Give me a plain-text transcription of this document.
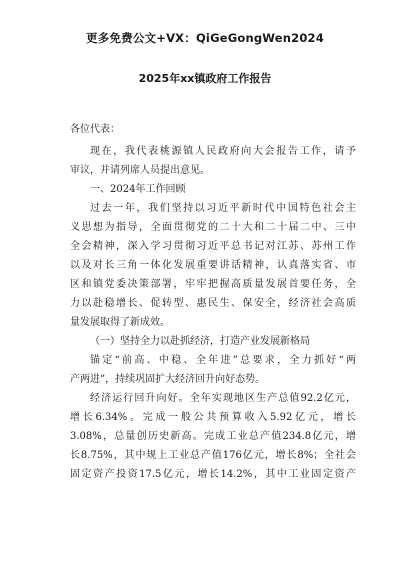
更多免费公文+VX：QiGeGongWen2024
2025年xx镇政府工作报告
各位代表：
现在，我代表桃源镇人民政府向大会报告工作，请予
审议，并请列席人员提出意见。
一、2024年工作回顾
过去一年，我们坚持以习近平新时代中国特色社会主
义思想为指导，全面贯彻党的二十大和二十届二中、三中
全会精神，深入学习贯彻习近平总书记对江苏、苏州工作
以及对长三角一体化发展重要讲话精神，认真落实省、市
区和镇党委决策部署，牢牢把握高质量发展首要任务，全
力以赴稳增长、促转型、惠民生、保安全，经济社会高质
量发展取得了新成效。
（一）坚持全力以赴抓经济，打造产业发展新格局
锚定“前高、中稳、全年进”总要求，全力抓好“两
产两进”，持续巩固扩大经济回升向好态势。
经济运行回升向好。全年实现地区生产总值92.2亿元，
增长6.34%。完成一般公共预算收入5.92亿元，增长
3.08%，总量创历史新高。完成工业总产值234.8亿元，增
长8.75%，其中规上工业总产值176亿元，增长8%；全社会
固定资产投资17.5亿元，增长14.2%，其中工业固定资产
